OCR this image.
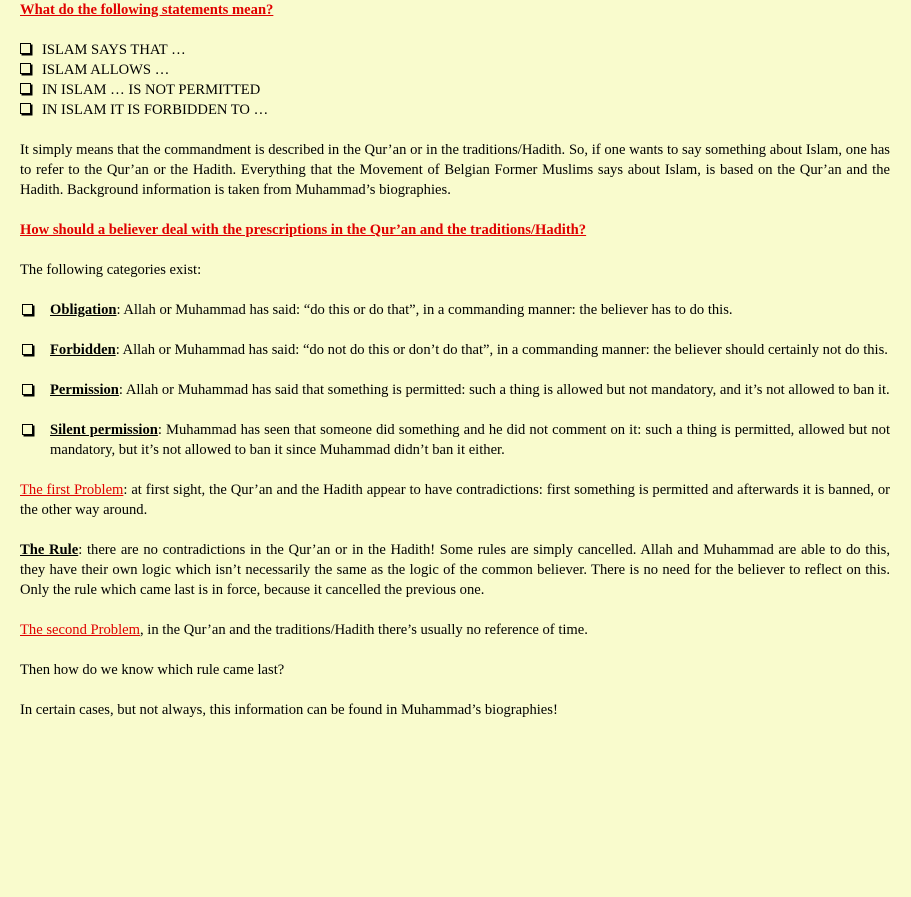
What do the following statements mean?
ISLAM SAYS THAT …
ISLAM ALLOWS …
IN ISLAM … IS NOT PERMITTED
IN ISLAM IT IS FORBIDDEN TO …
It simply means that the commandment is described in the Qur’an or in the traditions/Hadith. So, if one wants to say something about Islam, one has to refer to the Qur’an or the Hadith. Everything that the Movement of Belgian Former Muslims says about Islam, is based on the Qur’an and the Hadith. Background information is taken from Muhammad’s biographies.
How should a believer deal with the prescriptions in the Qur’an and the traditions/Hadith?
The following categories exist:
Obligation: Allah or Muhammad has said: “do this or do that”, in a commanding manner: the believer has to do this.
Forbidden: Allah or Muhammad has said: “do not do this or don’t do that”, in a commanding manner: the believer should certainly not do this.
Permission: Allah or Muhammad has said that something is permitted: such a thing is allowed but not mandatory, and it’s not allowed to ban it.
Silent permission: Muhammad has seen that someone did something and he did not comment on it: such a thing is permitted, allowed but not mandatory, but it’s not allowed to ban it since Muhammad didn’t ban it either.
The first Problem: at first sight, the Qur’an and the Hadith appear to have contradictions: first something is permitted and afterwards it is banned, or the other way around.
The Rule: there are no contradictions in the Qur’an or in the Hadith! Some rules are simply cancelled. Allah and Muhammad are able to do this, they have their own logic which isn’t necessarily the same as the logic of the common believer. There is no need for the believer to reflect on this. Only the rule which came last is in force, because it cancelled the previous one.
The second Problem, in the Qur’an and the traditions/Hadith there’s usually no reference of time.
Then how do we know which rule came last?
In certain cases, but not always, this information can be found in Muhammad’s biographies!
